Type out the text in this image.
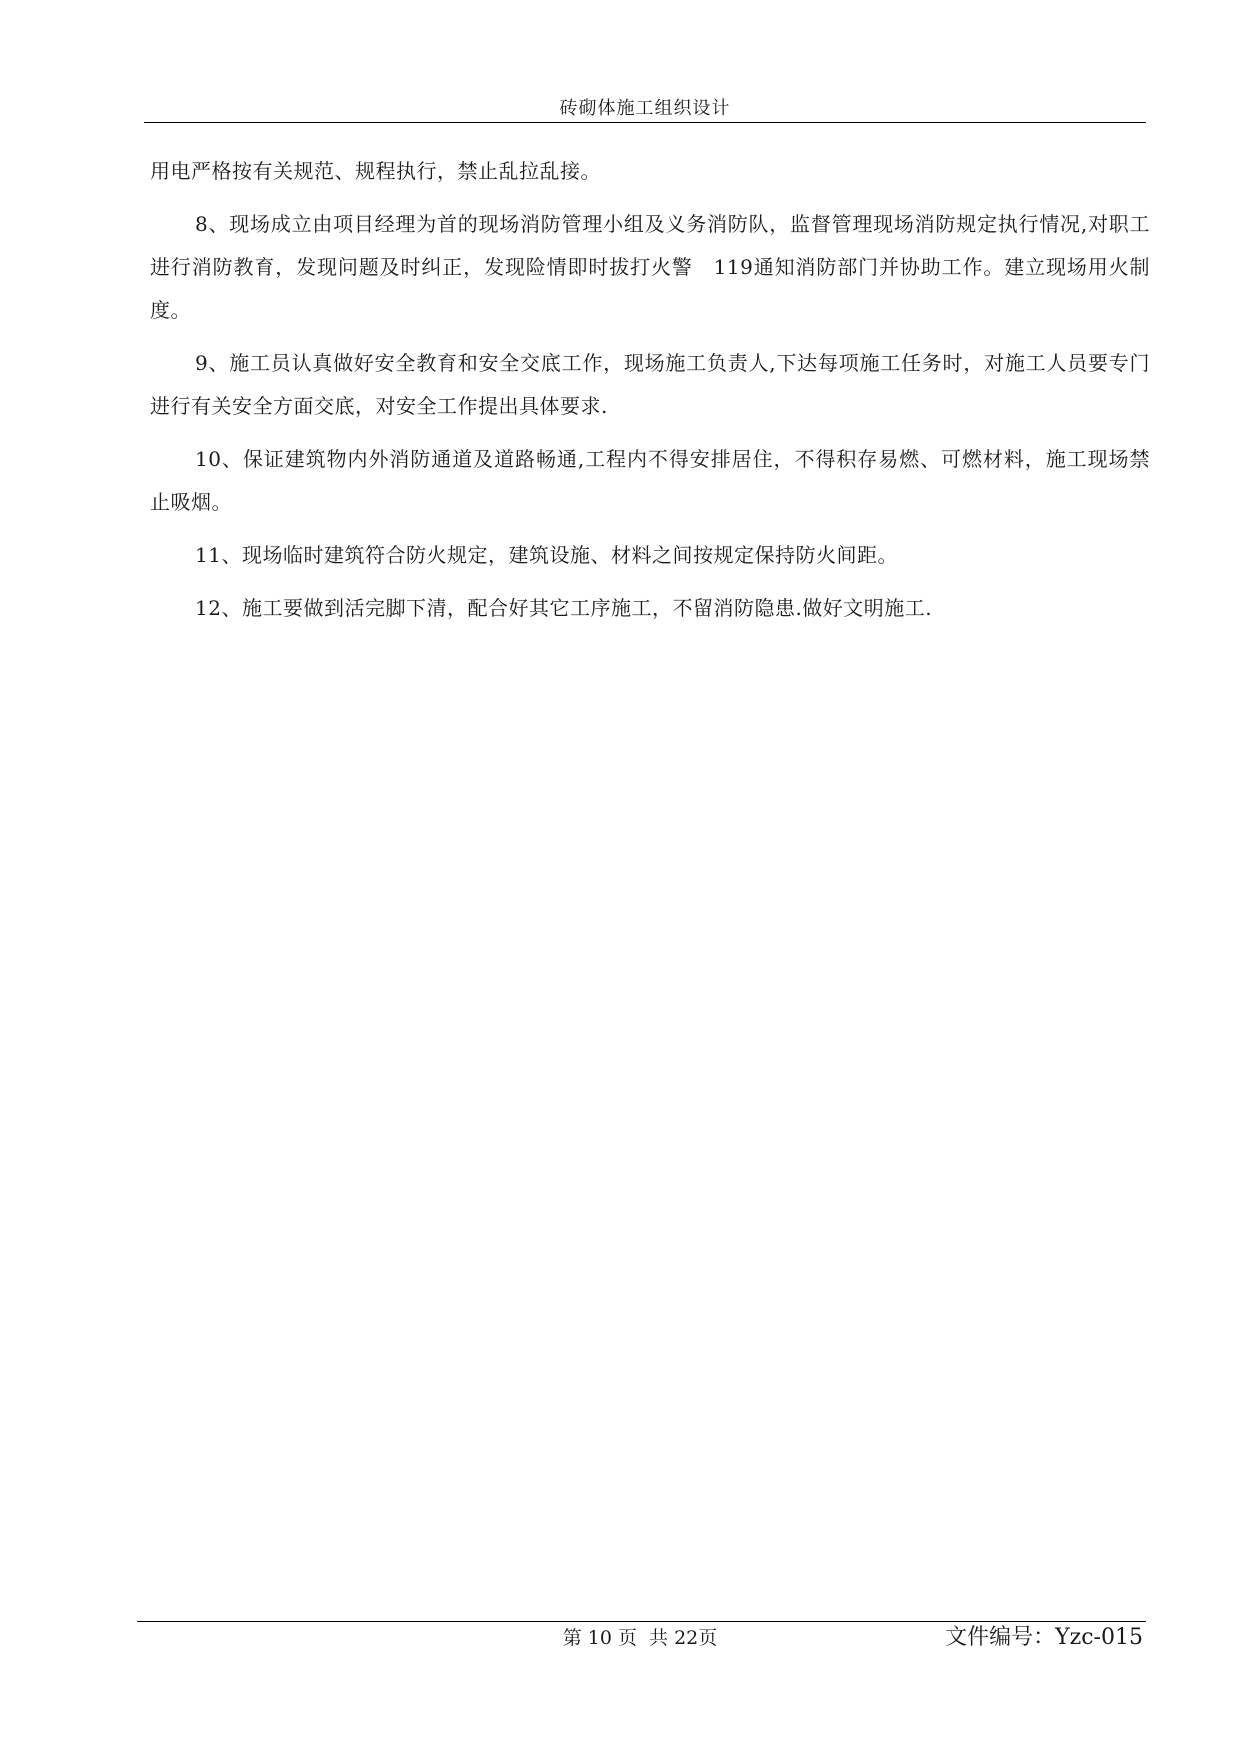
砖砌体施工组织设计

用电严格按有关规范、规程执行，禁止乱拉乱接。

8、现场成立由项目经理为首的现场消防管理小组及义务消防队，监督管理现场消防规定执行情况,对职工进行消防教育，发现问题及时纠正，发现险情即时拔打火警　119通知消防部门并协助工作。建立现场用火制度。

9、施工员认真做好安全教育和安全交底工作，现场施工负责人,下达每项施工任务时，对施工人员要专门进行有关安全方面交底，对安全工作提出具体要求.

10、保证建筑物内外消防通道及道路畅通,工程内不得安排居住，不得积存易燃、可燃材料，施工现场禁止吸烟。

11、现场临时建筑符合防火规定，建筑设施、材料之间按规定保持防火间距。

12、施工要做到活完脚下清，配合好其它工序施工，不留消防隐患.做好文明施工.

第 10 页  共 22页	文件编号：Yzc-015
